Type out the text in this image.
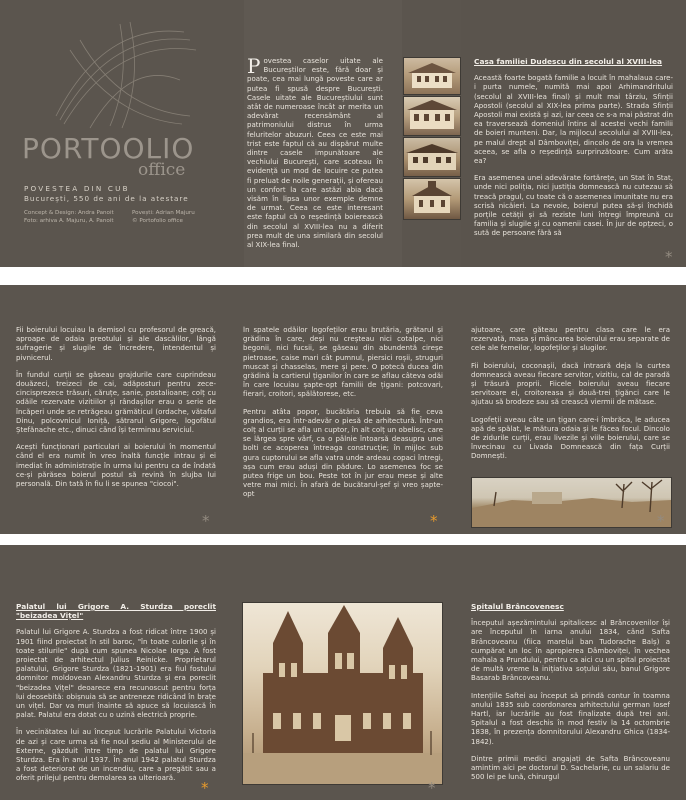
PORTOOLIO
office
POVESTEA DIN CUB
București, 550 de ani de la atestare
Concept & Design: Andra Panoit
Foto: arhiva A. Majuru, A. Panoit
Povești: Adrian Majuru
© Portofolio office
Povestea caselor uitate ale Bucureștilor este, fără doar și poate, cea mai lungă poveste care ar putea fi spusă despre București. Casele uitate ale Bucureștiului sunt atât de numeroase încât ar merita un adevărat recensământ al patrimoniului distrus în urma feluritelor abuzuri. Ceea ce este mai trist este faptul că au dispărut multe dintre casele impunătoare ale vechiului București, care scoteau în evidență un mod de locuire ce putea fi preluat de noile generații, și ofereau un confort la care astăzi abia dacă visăm în lipsa unor exemple demne de urmat. Ceea ce este interesant este faptul că o reședință boierească din secolul al XVIII-lea nu a diferit prea mult de una similară din secolul al XIX-lea final.
Casa familiei Dudescu din secolul al XVIII-lea

Această foarte bogată familie a locuit în mahalaua care-i purta numele, numită mai apoi Arhimandritului (secolul al XVIII-lea final) și mult mai târziu, Sfinții Apostoli (secolul al XIX-lea prima parte). Strada Sfinții Apostoli mai există și azi, iar ceea ce s-a mai păstrat din ea traversează domeniul întins al acestei vechi familii de boieri munteni. Dar, la mijlocul secolului al XVIII-lea, pe malul drept al Dâmboviței, dincolo de ora la vremea aceea, se afla o reședință surprinzătoare. Cum arăta ea?

Era asemenea unei adevărate fortărețe, un Stat în Stat, unde nici poliția, nici justiția domnească nu cutezau să treacă pragul, cu toate că o asemenea imunitate nu era scrisă nicăieri. La nevoie, boierul putea să-și închidă porțile cetății și să reziste luni întregi împreună cu familia și slugile și cu oamenii casei. În jur de opțzeci, o sută de persoane fără să

*

Fii boierului locuiau la demisol cu profesorul de greacă, aproape de odaia preotului și ale dascălilor, lângă sufragerie și slugile de încredere, intendentul și pivnicerul.

În fundul curții se găseau grajdurile care cuprindeau douăzeci, treizeci de cai, adăposturi pentru zece-cincisprezece trăsuri, căruțe, sanie, postalioane; colț cu odăile rezervate vizitiilor și rândașilor erau o serie de încăperi unde se retrăgeau grămăticul (ordache, vătaful Dinu, polcovnicul Ioniță, sătrarul Grigore, logofătul Ștefănache etc., dinuci când își terminau serviciul.

Acești funcționari particulari ai boierului în momentul când el era numit în vreo înaltă funcție intrau și ei imediat în administrație în urma lui pentru ca de îndată ce-și părăsea boierul postul să revină în slujba lui personală. Din tată în fiu li se spunea "ciocoi".

*

În spatele odăilor logofeților erau brutăria, grătarul și grădina în care, deși nu creșteau nici cotalpe, nici begonii, nici fucsii, se găseau din abundentă cireșe pietroase, caise mari cât pumnul, piersici roșii, struguri muscat și chasselas, mere și pere. O potecă ducea din grădină la cartierul țiganilor în care se aflau câteva odăi în care locuiau șapte-opt familii de țigani: potcovari, fierari, croitori, spălătorese, etc.

Pentru atâta popor, bucătăria trebuia să fie ceva grandios, era într-adevăr o piesă de arhitectură. Într-un colț al curții se afla un cuptor, în alt colț un obelisc, care se lărgea spre vârf, ca o pâlnie întoarsă deasupra unei bolti ce acoperea întreaga construcție; în mijloc sub gura cuptorului se afla vatra unde ardeau copaci întregi, așa cum erau aduși din pădure. Lo asemenea foc se putea frige un bou. Peste tot în jur erau mese și alte vetre mai mici. În afară de bucătarul-șef și vreo șapte-opt

*

ajutoare, care găteau pentru clasa care le era rezervată, masa și mâncarea boierului erau separate de cele ale femeilor, logofeților și slugilor.

Fii boierului, coconașii, dacă intrasră deja la curtea domnească aveau fiecare servitor, vizitiu, cal de paradă și trăsură proprii. Fiicele boierului aveau fiecare servitoare ei, croitoreasa și două-trei țigănci care le ajutau să brodeze sau să crească viermii de mătase.

Logofeții aveau câte un țigan care-i îmbrăca, le aducea apă de spălat, le mătura odaia și le făcea focul. Dincolo de zidurile curții, erau livezile și viile boierului, care se învecinau cu Livada Domnească din fața Curții Domnești.

*
Palatul lui Grigore A. Sturdza poreclit "beizadea Vițel"

Palatul lui Grigore A. Sturdza a fost ridicat între 1900 și 1901 fiind proiectat în stil baroc, "în toate culorile și în toate stilurile" după cum spunea Nicolae Iorga. A fost proiectat de arhitectul Julius Reinicke. Proprietarul palatului, Grigore Sturdza (1821-1901) era fiul fostului domnitor moldovean Alexandru Sturdza și era poreclit "beizadea Vițel" deoarece era recunoscut pentru forța lui deosebită: obișnuia să se antreneze ridicând în brațe un vițel. Dar va muri înainte să apuce să locuiască în palat. Palatul era dotat cu o uzină electrică proprie.

În vecinătatea lui au început lucrările Palatului Victoria de azi și care urma să fie noul sediu al Ministerului de Externe, găzduit între timp de palatul lui Grigore Sturdza. Era în anul 1937. În anul 1942 palatul Sturdza a fost deteriorat de un incendiu, care a pregătit sau a oferit prilejul pentru demolarea sa ulterioară.

*	*
Spitalul Brâncovenesc

Începutul așezămintului spitalicesc al Brâncovenilor își are începutul în iarna anului 1834, când Safta Brâncoveanu (fiica marelui ban Tudorache Balș) a cumpărat un loc în apropierea Dâmboviței, în vechea mahala a Prundului, pentru ca aici cu un spital proiectat de multă vreme la inițiativa soțului său, banul Grigore Basarab Brâncoveanu.

Intențiile Saftei au început să prindă contur în toamna anului 1835 sub coordonarea arhitectului german Iosef Hartl, iar lucrările au fost finalizate după trei ani. Spitalul a fost deschis în mod festiv la 14 octombrie 1838, în prezența domnitorului Alexandru Ghica (1834-1842).

Dintre primii medici angajați de Safta Brâncoveanu amintim aici pe doctorul D. Sachelarie, cu un salariu de 500 lei pe lună, chirurgul
